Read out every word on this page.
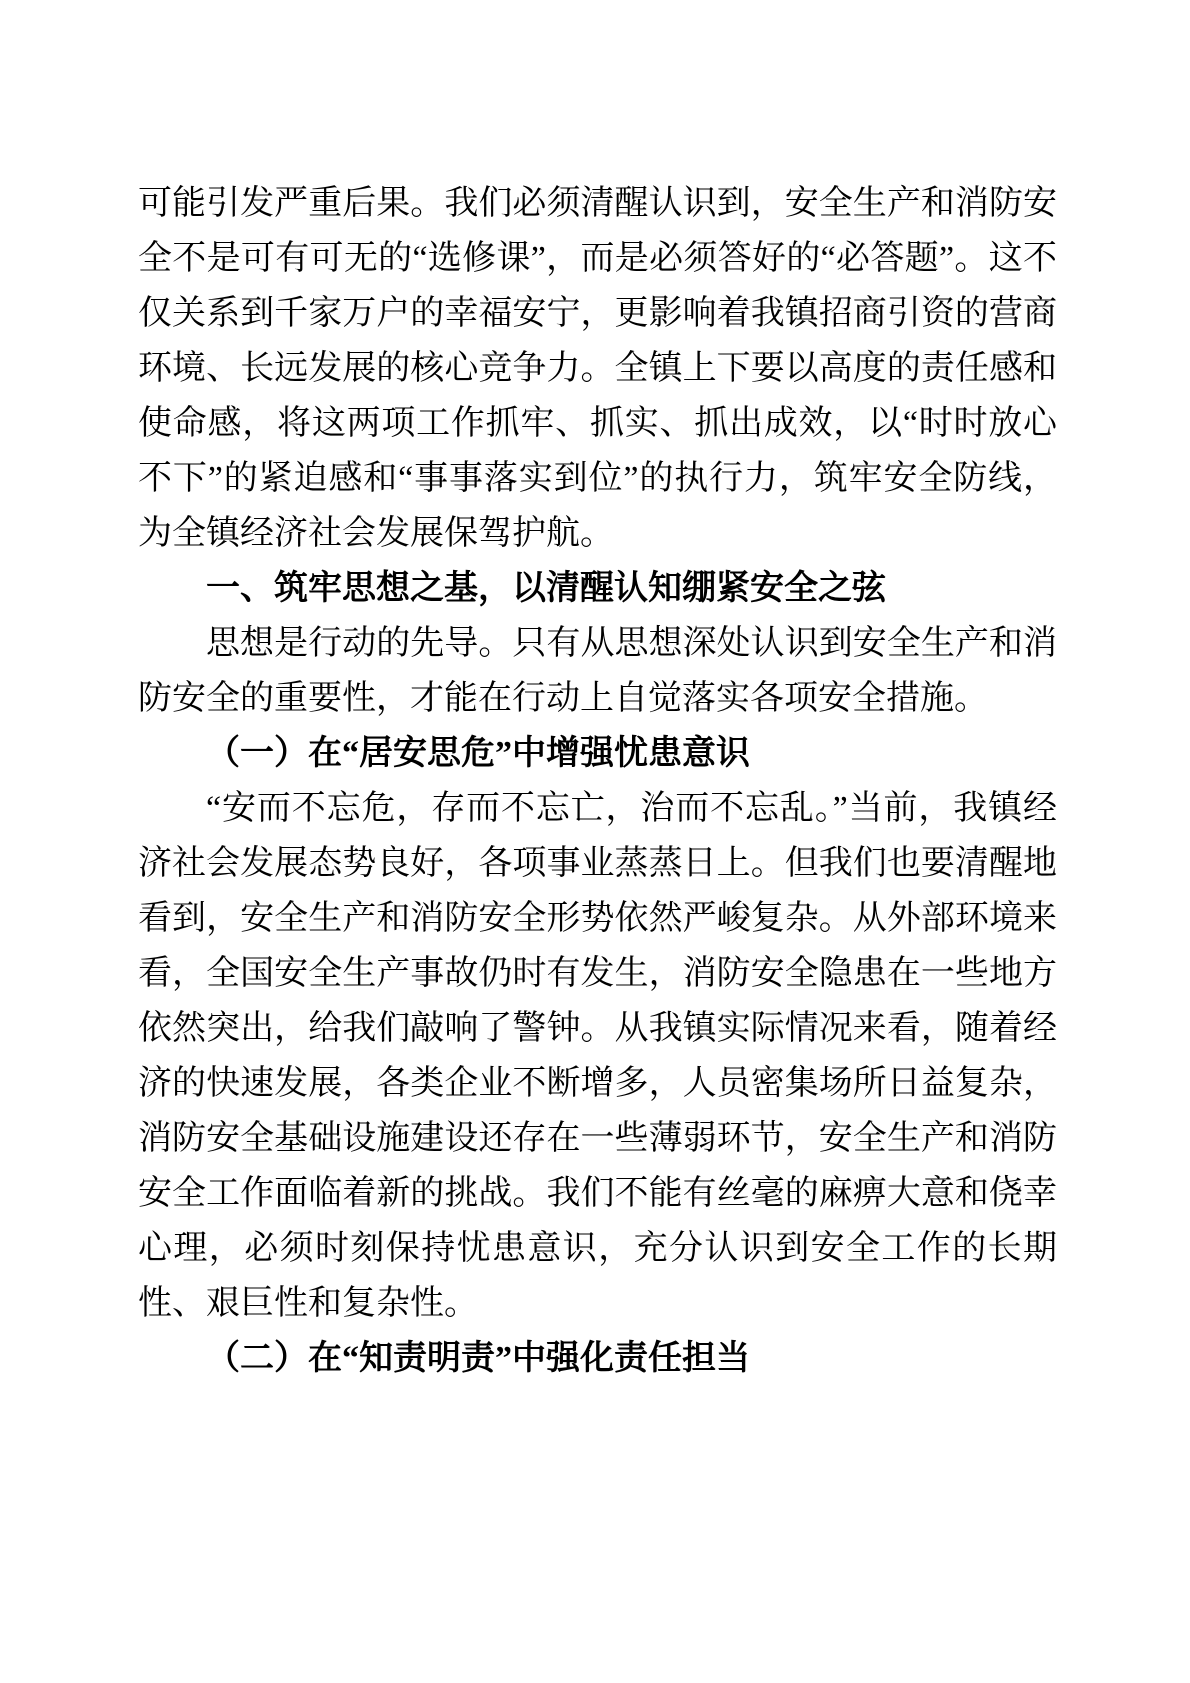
可能引发严重后果。我们必须清醒认识到，安全生产和消防安全不是可有可无的“选修课”，而是必须答好的“必答题”。这不仅关系到千家万户的幸福安宁，更影响着我镇招商引资的营商环境、长远发展的核心竞争力。全镇上下要以高度的责任感和使命感，将这两项工作抓牢、抓实、抓出成效，以“时时放心不下”的紧迫感和“事事落实到位”的执行力，筑牢安全防线，为全镇经济社会发展保驾护航。

一、筑牢思想之基，以清醒认知绷紧安全之弦

思想是行动的先导。只有从思想深处认识到安全生产和消防安全的重要性，才能在行动上自觉落实各项安全措施。

（一）在“居安思危”中增强忧患意识

“安而不忘危，存而不忘亡，治而不忘乱。”当前，我镇经济社会发展态势良好，各项事业蒸蒸日上。但我们也要清醒地看到，安全生产和消防安全形势依然严峻复杂。从外部环境来看，全国安全生产事故仍时有发生，消防安全隐患在一些地方依然突出，给我们敲响了警钟。从我镇实际情况来看，随着经济的快速发展，各类企业不断增多，人员密集场所日益复杂，消防安全基础设施建设还存在一些薄弱环节，安全生产和消防安全工作面临着新的挑战。我们不能有丝毫的麻痹大意和侥幸心理，必须时刻保持忧患意识，充分认识到安全工作的长期性、艰巨性和复杂性。

（二）在“知责明责”中强化责任担当
